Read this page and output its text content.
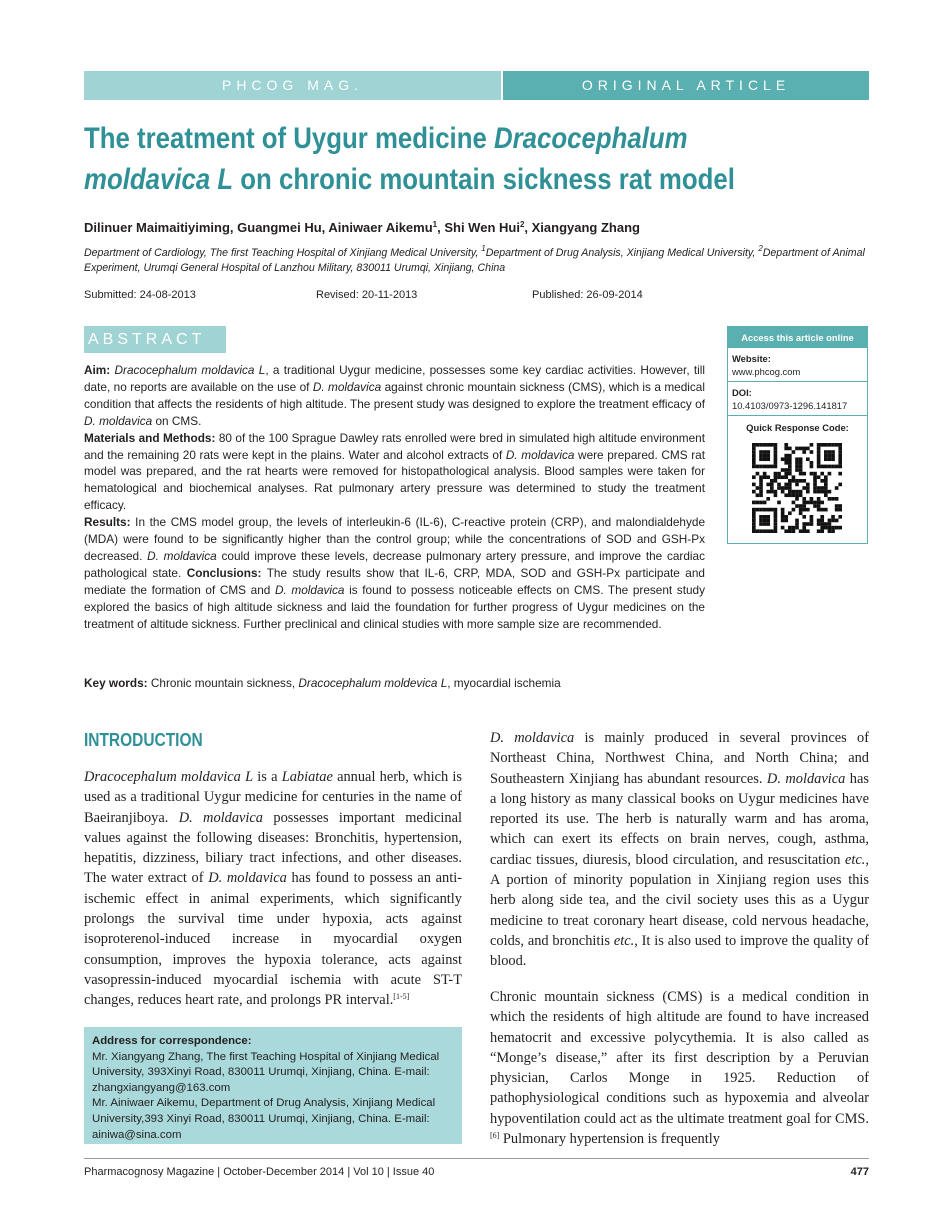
PHCOG MAG.	ORIGINAL ARTICLE
The treatment of Uygur medicine Dracocephalum moldavica L on chronic mountain sickness rat model
Dilinuer Maimaitiyiming, Guangmei Hu, Ainiwaer Aikemu$^1$, Shi Wen Hui$^2$, Xiangyang Zhang
Department of Cardiology, The first Teaching Hospital of Xinjiang Medical University, $^1$Department of Drug Analysis, Xinjiang Medical University, $^2$Department of Animal Experiment, Urumqi General Hospital of Lanzhou Military, 830011 Urumqi, Xinjiang, China
Submitted: 24-08-2013	Revised: 20-11-2013	Published: 26-09-2014
ABSTRACT
Aim: Dracocephalum moldavica L, a traditional Uygur medicine, possesses some key cardiac activities. However, till date, no reports are available on the use of D. moldavica against chronic mountain sickness (CMS), which is a medical condition that affects the residents of high altitude. The present study was designed to explore the treatment efficacy of D. moldavica on CMS.
Materials and Methods: 80 of the 100 Sprague Dawley rats enrolled were bred in simulated high altitude environment and the remaining 20 rats were kept in the plains. Water and alcohol extracts of D. moldavica were prepared. CMS rat model was prepared, and the rat hearts were removed for histopathological analysis. Blood samples were taken for hematological and biochemical analyses. Rat pulmonary artery pressure was determined to study the treatment efficacy.
Results: In the CMS model group, the levels of interleukin-6 (IL-6), C-reactive protein (CRP), and malondialdehyde (MDA) were found to be significantly higher than the control group; while the concentrations of SOD and GSH-Px decreased. D. moldavica could improve these levels, decrease pulmonary artery pressure, and improve the cardiac pathological state. Conclusions: The study results show that IL-6, CRP, MDA, SOD and GSH-Px participate and mediate the formation of CMS and D. moldavica is found to possess noticeable effects on CMS. The present study explored the basics of high altitude sickness and laid the foundation for further progress of Uygur medicines on the treatment of altitude sickness. Further preclinical and clinical studies with more sample size are recommended.
Key words: Chronic mountain sickness, Dracocephalum moldevica L, myocardial ischemia
Access this article online
Website:
www.phcog.com
DOI:
10.4103/0973-1296.141817
Quick Response Code:
INTRODUCTION
Dracocephalum moldavica L is a Labiatae annual herb, which is used as a traditional Uygur medicine for centuries in the name of Baeiranjiboya. D. moldavica possesses important medicinal values against the following diseases: Bronchitis, hypertension, hepatitis, dizziness, biliary tract infections, and other diseases. The water extract of D. moldavica has found to possess an anti-ischemic effect in animal experiments, which significantly prolongs the survival time under hypoxia, acts against isoproterenol-induced increase in myocardial oxygen consumption, improves the hypoxia tolerance, acts against vasopressin-induced myocardial ischemia with acute ST-T changes, reduces heart rate, and prolongs PR interval.[1-5]
D. moldavica is mainly produced in several provinces of Northeast China, Northwest China, and North China; and Southeastern Xinjiang has abundant resources. D. moldavica has a long history as many classical books on Uygur medicines have reported its use. The herb is naturally warm and has aroma, which can exert its effects on brain nerves, cough, asthma, cardiac tissues, diuresis, blood circulation, and resuscitation etc., A portion of minority population in Xinjiang region uses this herb along side tea, and the civil society uses this as a Uygur medicine to treat coronary heart disease, cold nervous headache, colds, and bronchitis etc., It is also used to improve the quality of blood.
Chronic mountain sickness (CMS) is a medical condition in which the residents of high altitude are found to have increased hematocrit and excessive polycythemia. It is also called as “Monge’s disease,” after its first description by a Peruvian physician, Carlos Monge in 1925. Reduction of pathophysiological conditions such as hypoxemia and alveolar hypoventilation could act as the ultimate treatment goal for CMS.[6] Pulmonary hypertension is frequently
Address for correspondence:
Mr. Xiangyang Zhang, The first Teaching Hospital of Xinjiang Medical University, 393Xinyi Road, 830011 Urumqi, Xinjiang, China. E-mail: zhangxiangyang@163.com
Mr. Ainiwaer Aikemu, Department of Drug Analysis, Xinjiang Medical University,393 Xinyi Road, 830011 Urumqi, Xinjiang, China. E-mail: ainiwa@sina.com
Pharmacognosy Magazine | October-December 2014 | Vol 10 | Issue 40	477
